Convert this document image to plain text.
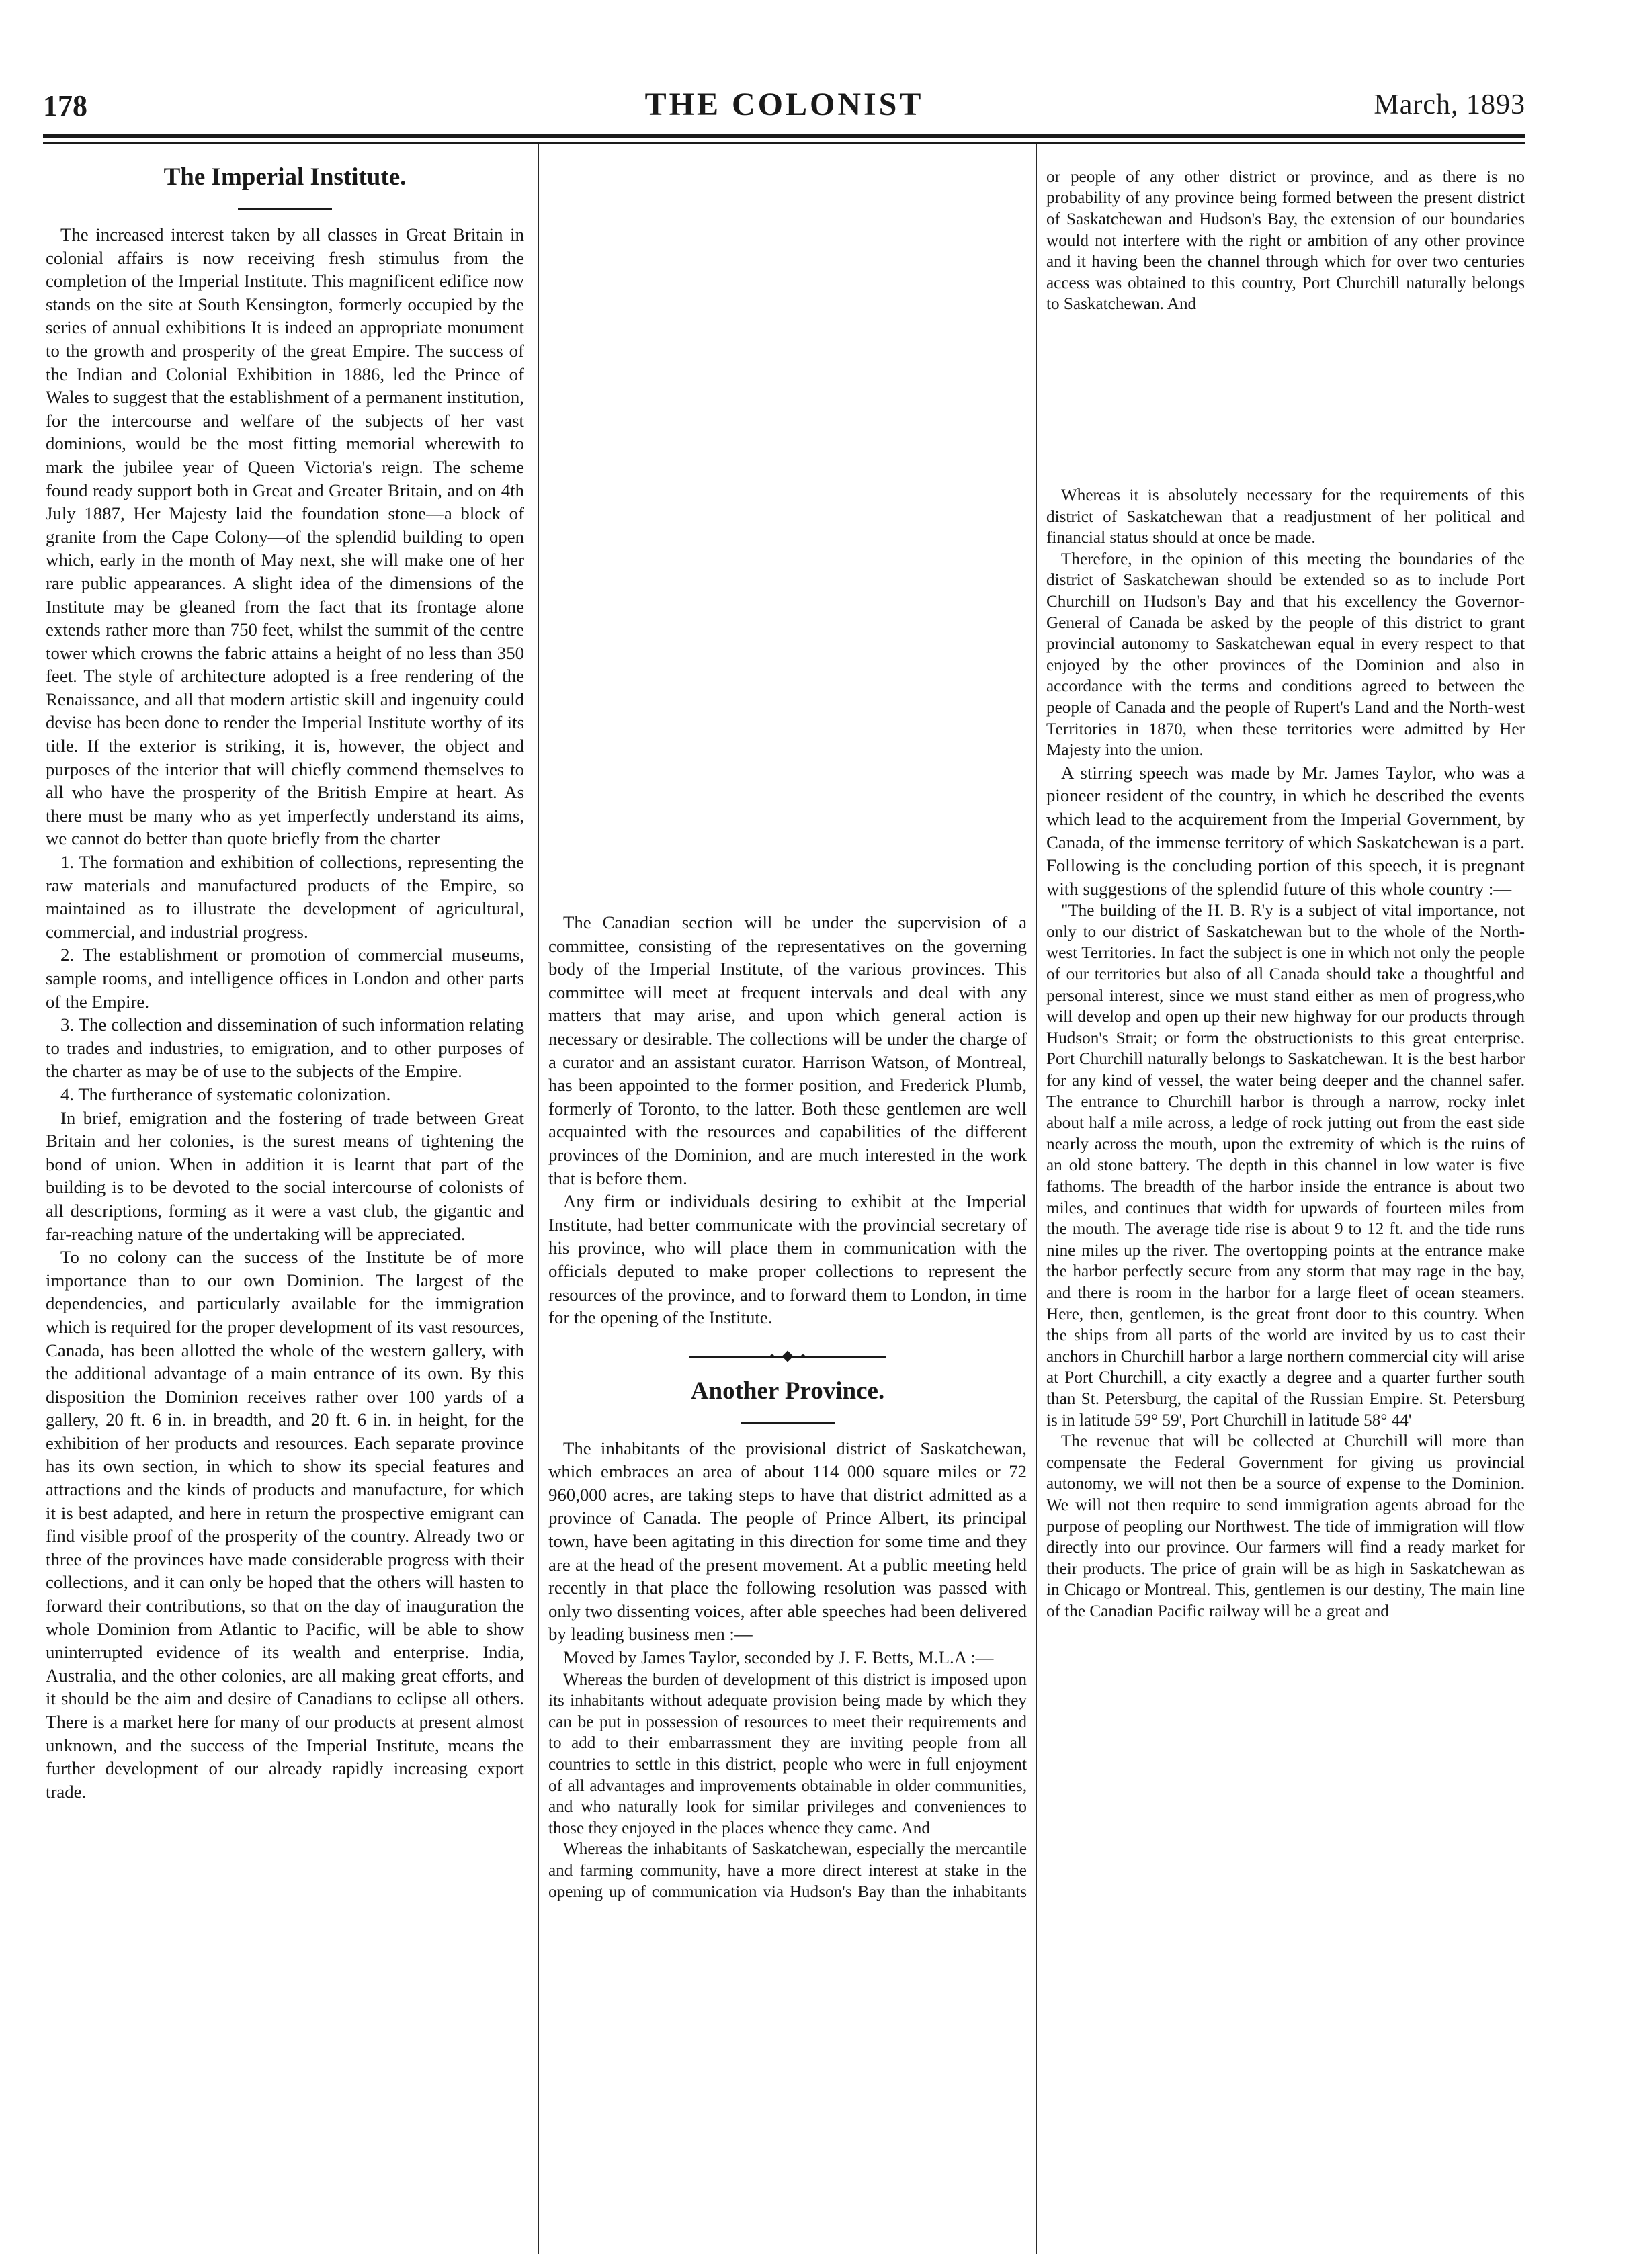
178	THE COLONIST	March, 1893
The Imperial Institute.

The increased interest taken by all classes in Great Britain in colonial affairs is now receiving fresh stimulus from the completion of the Imperial Institute. This magnificent edifice now stands on the site at South Kensington, formerly occupied by the series of annual exhibitions It is indeed an appropriate monument to the growth and prosperity of the great Empire. The success of the Indian and Colonial Exhibition in 1886, led the Prince of Wales to suggest that the establishment of a permanent institution, for the intercourse and welfare of the subjects of her vast dominions, would be the most fitting memorial wherewith to mark the jubilee year of Queen Victoria's reign. The scheme found ready support both in Great and Greater Britain, and on 4th July 1887, Her Majesty laid the foundation stone—a block of granite from the Cape Colony—of the splendid building to open which, early in the month of May next, she will make one of her rare public appearances. A slight idea of the dimensions of the Institute may be gleaned from the fact that its frontage alone extends rather more than 750 feet, whilst the summit of the centre tower which crowns the fabric attains a height of no less than 350 feet. The style of architecture adopted is a free rendering of the Renaissance, and all that modern artistic skill and ingenuity could devise has been done to render the Imperial Institute worthy of its title. If the exterior is striking, it is, however, the object and purposes of the interior that will chiefly commend themselves to all who have the prosperity of the British Empire at heart. As there must be many who as yet imperfectly understand its aims, we cannot do better than quote briefly from the charter

1. The formation and exhibition of collections, representing the raw materials and manufactured products of the Empire, so maintained as to illustrate the development of agricultural, commercial, and industrial progress.

2. The establishment or promotion of commercial museums, sample rooms, and intelligence offices in London and other parts of the Empire.

3. The collection and dissemination of such information relating to trades and industries, to emigration, and to other purposes of the charter as may be of use to the subjects of the Empire.

4. The furtherance of systematic colonization.

In brief, emigration and the fostering of trade between Great Britain and her colonies, is the surest means of tightening the bond of union. When in addition it is learnt that part of the building is to be devoted to the social intercourse of colonists of all descriptions, forming as it were a vast club, the gigantic and far-reaching nature of the undertaking will be appreciated.

To no colony can the success of the Institute be of more importance than to our own Dominion. The largest of the dependencies, and particularly available for the immigration which is required for the proper development of its vast resources, Canada, has been allotted the whole of the western gallery, with the additional advantage of a main entrance of its own. By this disposition the Dominion receives rather over 100 yards of a gallery, 20 ft. 6 in. in breadth, and 20 ft. 6 in. in height, for the exhibition of her products and resources. Each separate province has its own section, in which to show its special features and attractions and the kinds of products and manufacture, for which it is best adapted, and here in return the prospective emigrant can find visible proof of the prosperity of the country. Already two or three of the provinces have made considerable progress with their collections, and it can only be hoped that the others will hasten to forward their contributions, so that on the day of inauguration the whole Dominion from Atlantic to Pacific, will be able to show uninterrupted evidence of its wealth and enterprise. India, Australia, and the other colonies, are all making great efforts, and it should be the aim and desire of Canadians to eclipse all others. There is a market here for many of our products at present almost unknown, and the success of the Imperial Institute, means the further development of our already rapidly increasing export trade.

The Canadian section will be under the supervision of a committee, consisting of the representatives on the governing body of the Imperial Institute, of the various provinces. This committee will meet at frequent intervals and deal with any matters that may arise, and upon which general action is necessary or desirable. The collections will be under the charge of a curator and an assistant curator. Harrison Watson, of Montreal, has been appointed to the former position, and Frederick Plumb, formerly of Toronto, to the latter. Both these gentlemen are well acquainted with the resources and capabilities of the different provinces of the Dominion, and are much interested in the work that is before them.

Any firm or individuals desiring to exhibit at the Imperial Institute, had better communicate with the provincial secretary of his province, who will place them in communication with the officials deputed to make proper collections to represent the resources of the province, and to forward them to London, in time for the opening of the Institute.

Another Province.

The inhabitants of the provisional district of Saskatchewan, which embraces an area of about 114 000 square miles or 72 960,000 acres, are taking steps to have that district admitted as a province of Canada. The people of Prince Albert, its principal town, have been agitating in this direction for some time and they are at the head of the present movement. At a public meeting held recently in that place the following resolution was passed with only two dissenting voices, after able speeches had been delivered by leading business men :—

Moved by James Taylor, seconded by J. F. Betts, M.L.A :—

Whereas the burden of development of this district is imposed upon its inhabitants without adequate provision being made by which they can be put in possession of resources to meet their requirements and to add to their embarrassment they are inviting people from all countries to settle in this district, people who were in full enjoyment of all advantages and improvements obtainable in older communities, and who naturally look for similar privileges and conveniences to those they enjoyed in the places whence they came. And

Whereas the inhabitants of Saskatchewan, especially the mercantile and farming community, have a more direct interest at stake in the opening up of communication via Hudson's Bay than the inhabitants

or people of any other district or province, and as there is no probability of any province being formed between the present district of Saskatchewan and Hudson's Bay, the extension of our boundaries would not interfere with the right or ambition of any other province and it having been the channel through which for over two centuries access was obtained to this country, Port Churchill naturally belongs to Saskatchewan. And

Whereas it is absolutely necessary for the requirements of this district of Saskatchewan that a readjustment of her political and financial status should at once be made.

Therefore, in the opinion of this meeting the boundaries of the district of Saskatchewan should be extended so as to include Port Churchill on Hudson's Bay and that his excellency the Governor-General of Canada be asked by the people of this district to grant provincial autonomy to Saskatchewan equal in every respect to that enjoyed by the other provinces of the Dominion and also in accordance with the terms and conditions agreed to between the people of Canada and the people of Rupert's Land and the North-west Territories in 1870, when these territories were admitted by Her Majesty into the union.

A stirring speech was made by Mr. James Taylor, who was a pioneer resident of the country, in which he described the events which lead to the acquirement from the Imperial Government, by Canada, of the immense territory of which Saskatchewan is a part. Following is the concluding portion of this speech, it is pregnant with suggestions of the splendid future of this whole country :—

"The building of the H. B. R'y is a subject of vital importance, not only to our district of Saskatchewan but to the whole of the North-west Territories. In fact the subject is one in which not only the people of our territories but also of all Canada should take a thoughtful and personal interest, since we must stand either as men of progress,who will develop and open up their new highway for our products through Hudson's Strait; or form the obstructionists to this great enterprise. Port Churchill naturally belongs to Saskatchewan. It is the best harbor for any kind of vessel, the water being deeper and the channel safer. The entrance to Churchill harbor is through a narrow, rocky inlet about half a mile across, a ledge of rock jutting out from the east side nearly across the mouth, upon the extremity of which is the ruins of an old stone battery. The depth in this channel in low water is five fathoms. The breadth of the harbor inside the entrance is about two miles, and continues that width for upwards of fourteen miles from the mouth. The average tide rise is about 9 to 12 ft. and the tide runs nine miles up the river. The overtopping points at the entrance make the harbor perfectly secure from any storm that may rage in the bay, and there is room in the harbor for a large fleet of ocean steamers. Here, then, gentlemen, is the great front door to this country. When the ships from all parts of the world are invited by us to cast their anchors in Churchill harbor a large northern commercial city will arise at Port Churchill, a city exactly a degree and a quarter further south than St. Petersburg, the capital of the Russian Empire. St. Petersburg is in latitude 59° 59', Port Churchill in latitude 58° 44'

The revenue that will be collected at Churchill will more than compensate the Federal Government for giving us provincial autonomy, we will not then be a source of expense to the Dominion. We will not then require to send immigration agents abroad for the purpose of peopling our Northwest. The tide of immigration will flow directly into our province. Our farmers will find a ready market for their products. The price of grain will be as high in Saskatchewan as in Chicago or Montreal. This, gentlemen is our destiny, The main line of the Canadian Pacific railway will be a great and
